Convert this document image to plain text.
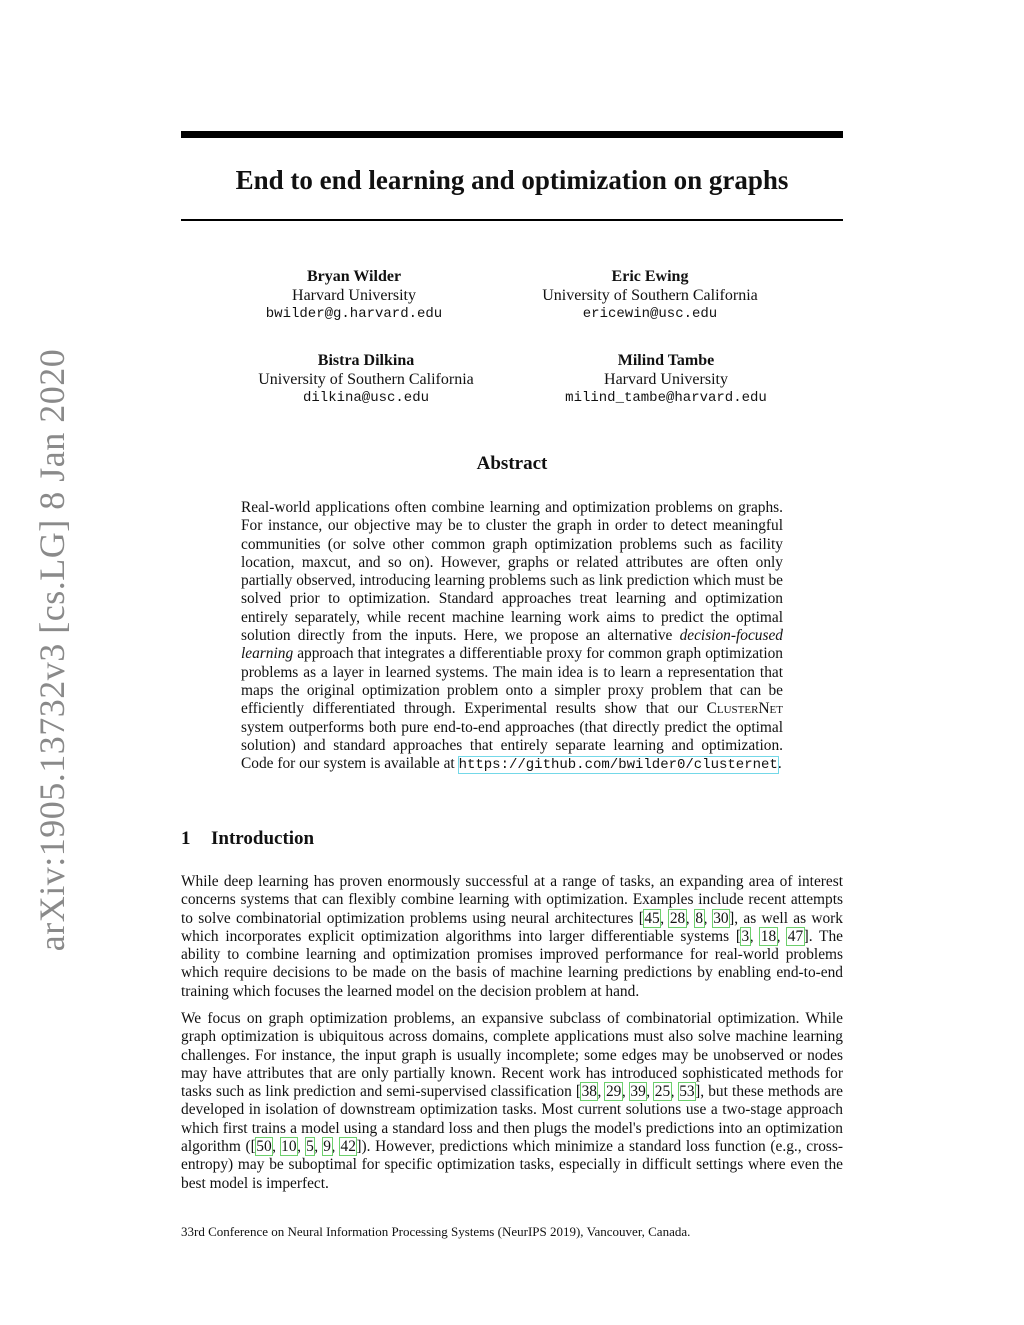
arXiv:1905.13732v3 [cs.LG] 8 Jan 2020
End to end learning and optimization on graphs
Bryan Wilder
Harvard University
bwilder@g.harvard.edu
Eric Ewing
University of Southern California
ericewin@usc.edu
Bistra Dilkina
University of Southern California
dilkina@usc.edu
Milind Tambe
Harvard University
milind_tambe@harvard.edu
Abstract

Real-world applications often combine learning and optimization problems on graphs. For instance, our objective may be to cluster the graph in order to detect meaningful communities (or solve other common graph optimization problems such as facility location, maxcut, and so on). However, graphs or related attributes are often only partially observed, introducing learning problems such as link prediction which must be solved prior to optimization. Standard approaches treat learning and optimization entirely separately, while recent machine learning work aims to predict the optimal solution directly from the inputs. Here, we propose an alternative decision-focused learning approach that integrates a differentiable proxy for common graph optimization problems as a layer in learned systems. The main idea is to learn a representation that maps the original optimization problem onto a simpler proxy problem that can be efficiently differentiated through. Experimental results show that our ClusterNet system outperforms both pure end-to-end approaches (that directly predict the optimal solution) and standard approaches that entirely separate learning and optimization. Code for our system is available at https://github.com/bwilder0/clusternet.

1 Introduction

While deep learning has proven enormously successful at a range of tasks, an expanding area of interest concerns systems that can flexibly combine learning with optimization. Examples include recent attempts to solve combinatorial optimization problems using neural architectures [45, 28, 8, 30], as well as work which incorporates explicit optimization algorithms into larger differentiable systems [3, 18, 47]. The ability to combine learning and optimization promises improved performance for real-world problems which require decisions to be made on the basis of machine learning predictions by enabling end-to-end training which focuses the learned model on the decision problem at hand.

We focus on graph optimization problems, an expansive subclass of combinatorial optimization. While graph optimization is ubiquitous across domains, complete applications must also solve machine learning challenges. For instance, the input graph is usually incomplete; some edges may be unobserved or nodes may have attributes that are only partially known. Recent work has introduced sophisticated methods for tasks such as link prediction and semi-supervised classification [38, 29, 39, 25, 53], but these methods are developed in isolation of downstream optimization tasks. Most current solutions use a two-stage approach which first trains a model using a standard loss and then plugs the model's predictions into an optimization algorithm ([50, 10, 5, 9, 42]). However, predictions which minimize a standard loss function (e.g., cross-entropy) may be suboptimal for specific optimization tasks, especially in difficult settings where even the best model is imperfect.

33rd Conference on Neural Information Processing Systems (NeurIPS 2019), Vancouver, Canada.
